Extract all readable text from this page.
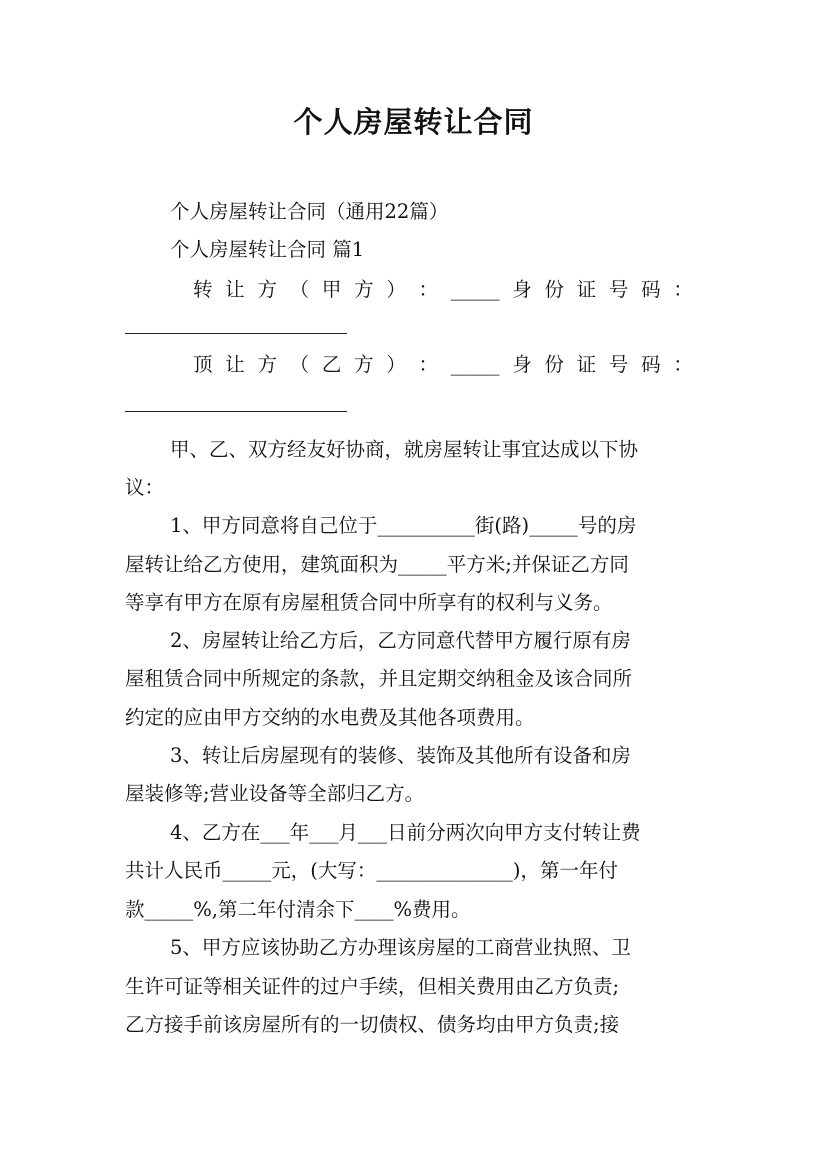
个人房屋转让合同
个人房屋转让合同（通用22篇）
个人房屋转让合同 篇1
转 让 方 （ 甲 方 ） ： _____ 身 份 证 号 码 ：
顶 让 方 （ 乙 方 ） ： _____ 身 份 证 号 码 ：
甲、乙、双方经友好协商，就房屋转让事宜达成以下协
议：
1、甲方同意将自己位于__________街(路)_____号的房
屋转让给乙方使用，建筑面积为_____平方米;并保证乙方同
等享有甲方在原有房屋租赁合同中所享有的权利与义务。
2、房屋转让给乙方后，乙方同意代替甲方履行原有房
屋租赁合同中所规定的条款，并且定期交纳租金及该合同所
约定的应由甲方交纳的水电费及其他各项费用。
3、转让后房屋现有的装修、装饰及其他所有设备和房
屋装修等;营业设备等全部归乙方。
4、乙方在___年___月___日前分两次向甲方支付转让费
共计人民币_____元，(大写：______________)，第一年付
款_____%,第二年付清余下____%费用。
5、甲方应该协助乙方办理该房屋的工商营业执照、卫
生许可证等相关证件的过户手续，但相关费用由乙方负责;
乙方接手前该房屋所有的一切债权、债务均由甲方负责;接
